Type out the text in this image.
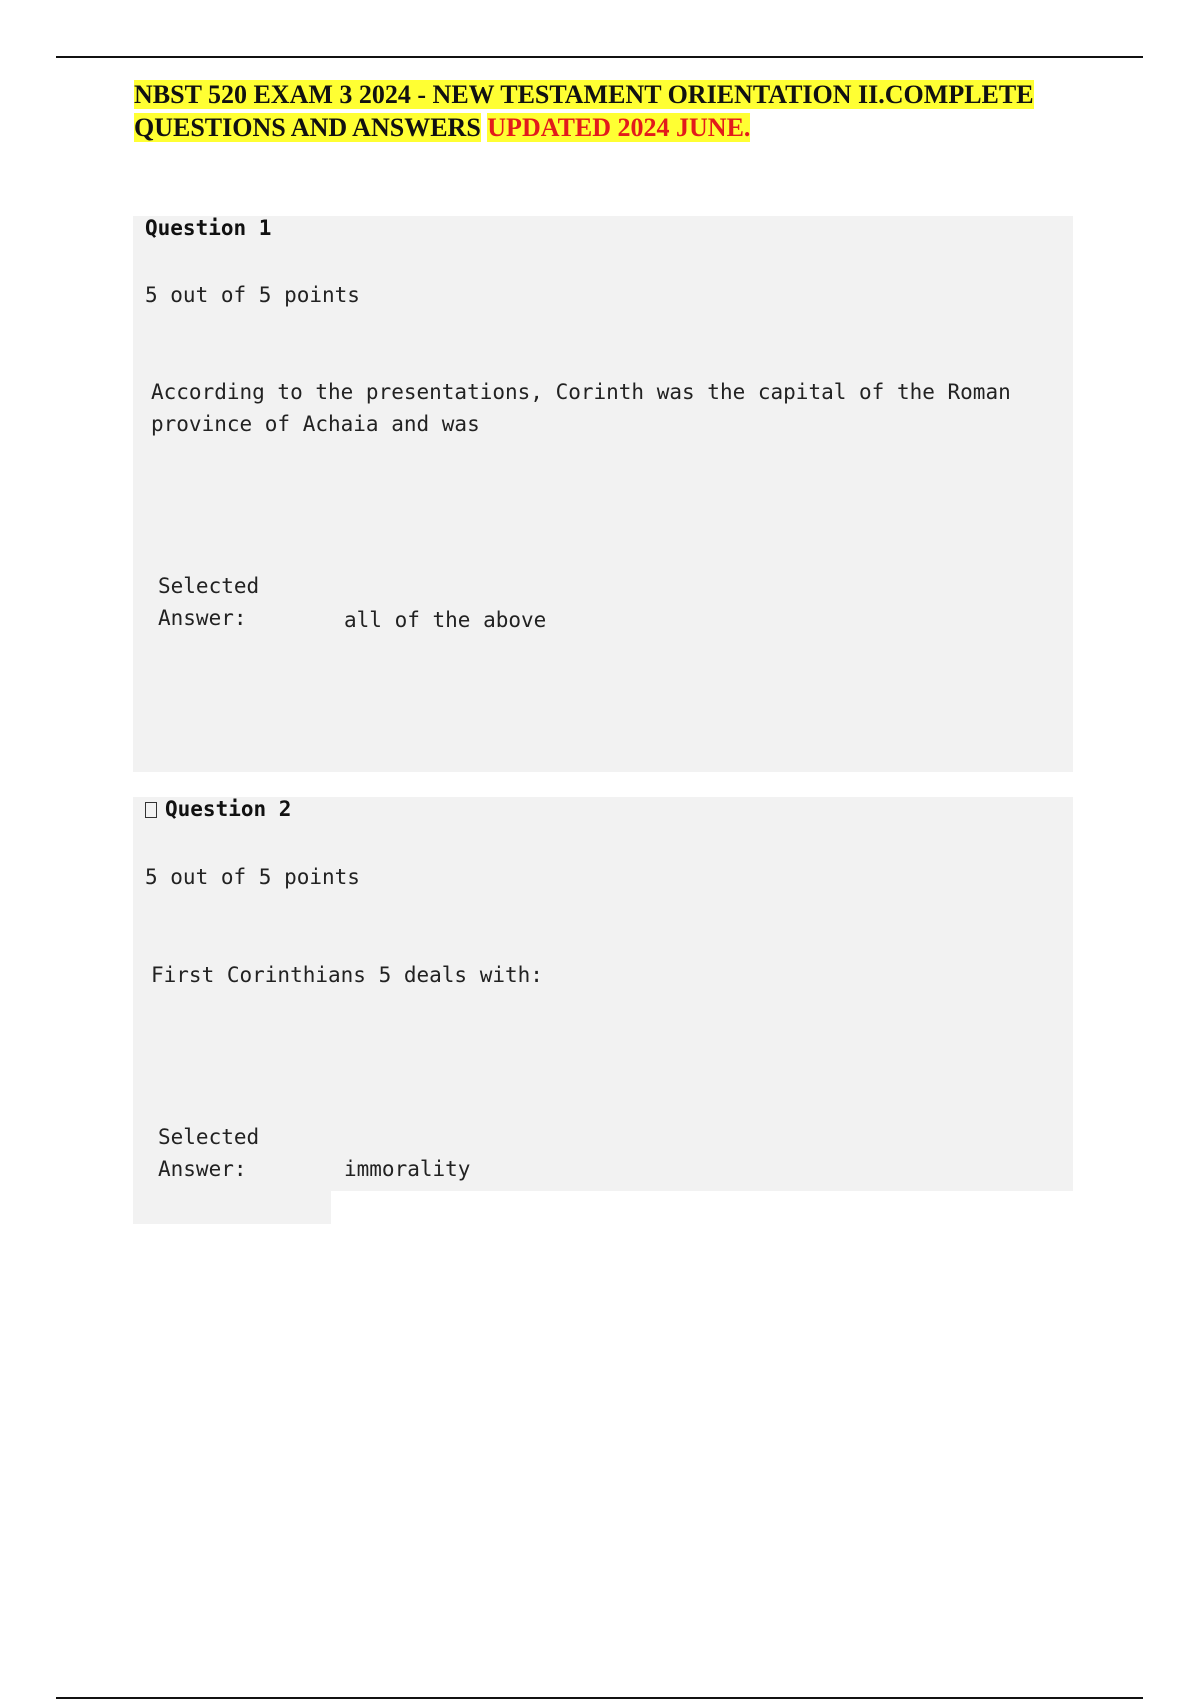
NBST 520 EXAM 3 2024 - NEW TESTAMENT ORIENTATION II.COMPLETE QUESTIONS AND ANSWERS UPDATED 2024 JUNE.
Question 1
5 out of 5 points
According to the presentations, Corinth was the capital of the Roman province of Achaia and was
Selected
Answer:	all of the above
Question 2
5 out of 5 points
First Corinthians 5 deals with:
Selected
Answer:	immorality
